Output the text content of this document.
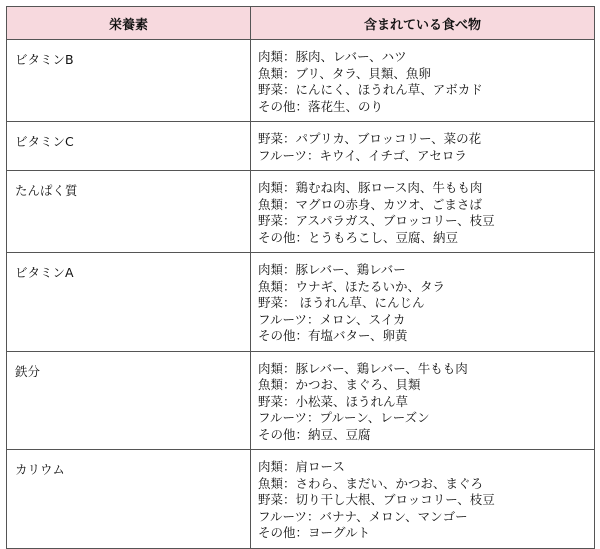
栄養素	含まれている食べ物
ビタミンB	肉類：豚肉、レバー、ハツ
魚類：ブリ、タラ、貝類、魚卵
野菜：にんにく、ほうれん草、アボカド
その他：落花生、のり

ビタミンC	野菜：パプリカ、ブロッコリー、菜の花
フルーツ：キウイ、イチゴ、アセロラ

たんぱく質	肉類：鶏むね肉、豚ロース肉、牛もも肉
魚類：マグロの赤身、カツオ、ごまさば
野菜：アスパラガス、ブロッコリー、枝豆
その他：とうもろこし、豆腐、納豆

ビタミンA	肉類：豚レバー、鶏レバー
魚類：ウナギ、ほたるいか、タラ
野菜： ほうれん草、にんじん
フルーツ：メロン、スイカ
その他：有塩バター、卵黄

鉄分	肉類：豚レバー、鶏レバー、牛もも肉
魚類：かつお、まぐろ、貝類
野菜：小松菜、ほうれん草
フルーツ：プルーン、レーズン
その他：納豆、豆腐

カリウム	肉類：肩ロース
魚類：さわら、まだい、かつお、まぐろ
野菜：切り干し大根、ブロッコリー、枝豆
フルーツ：バナナ、メロン、マンゴー
その他：ヨーグルト
